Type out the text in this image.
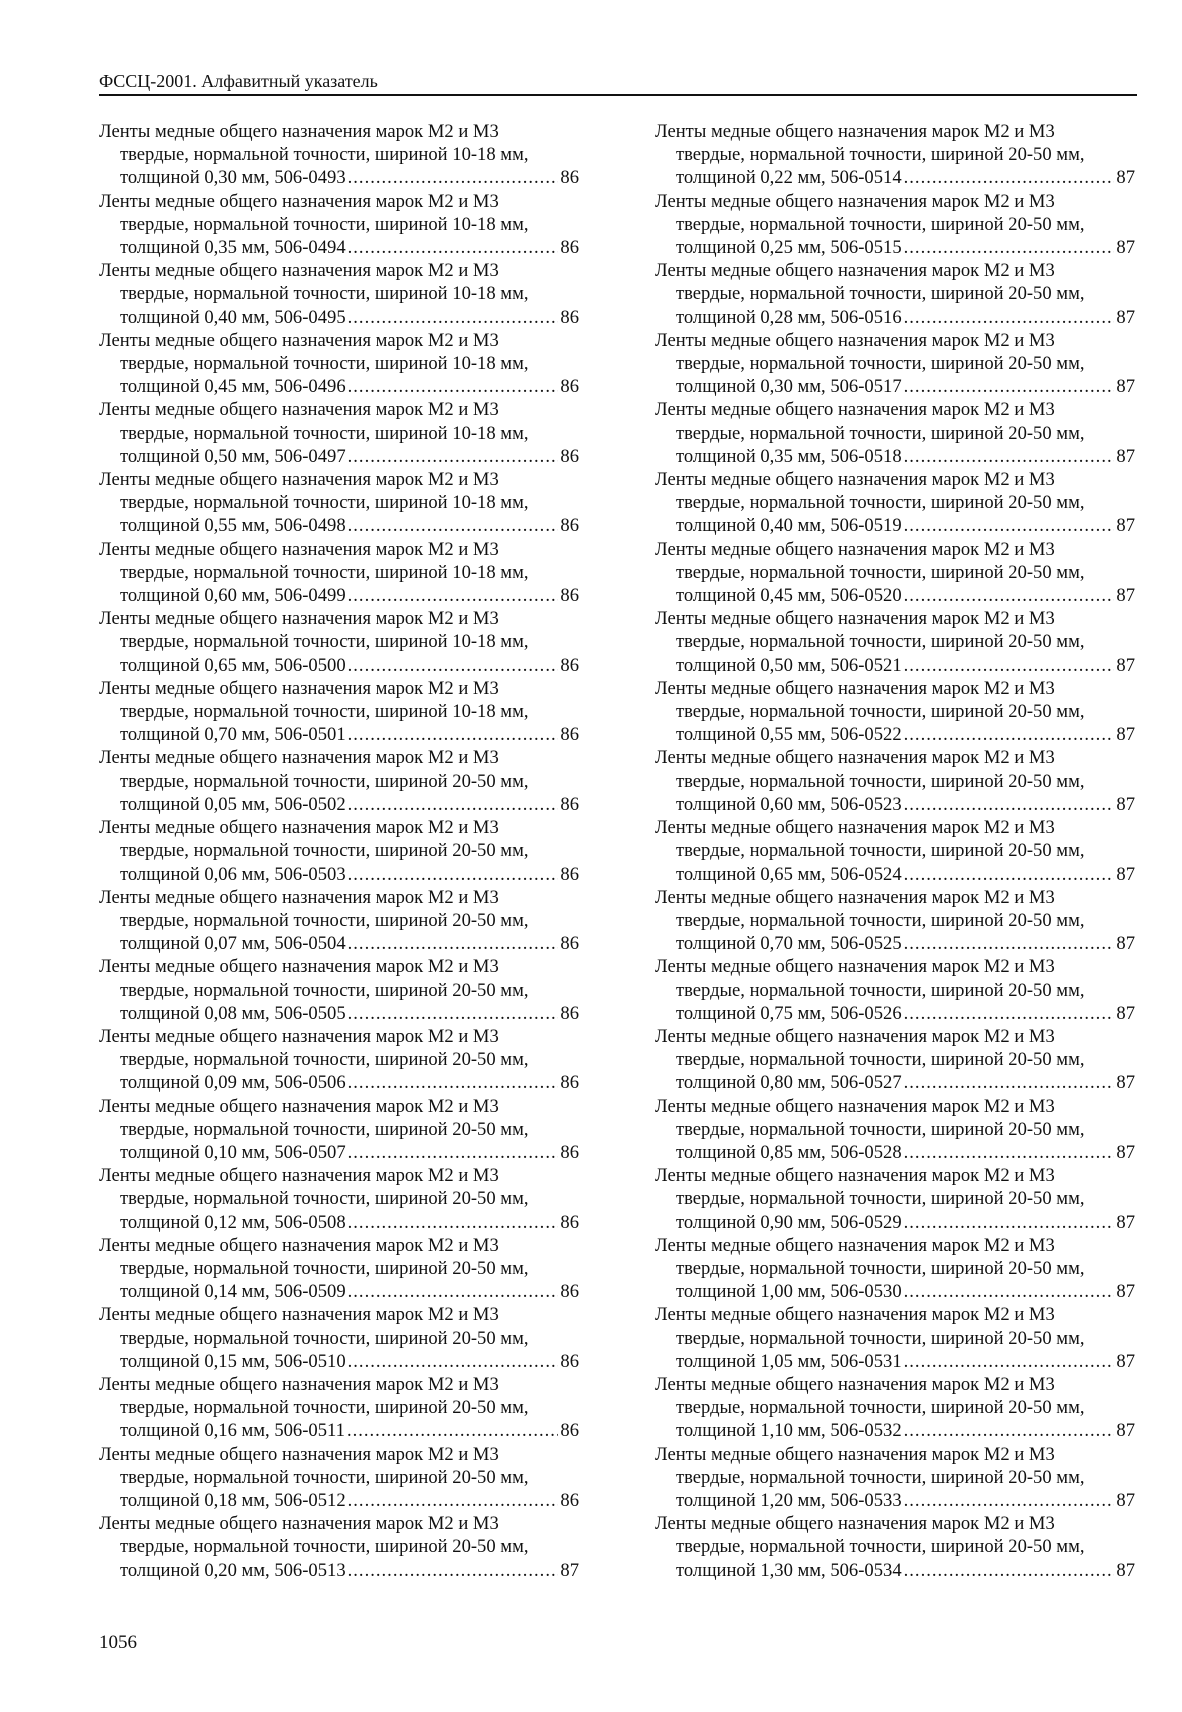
ФССЦ-2001. Алфавитный указатель

Ленты медные общего назначения марок М2 и М3
твердые, нормальной точности, шириной 10-18 мм,
толщиной 0,30 мм, 506-0493 .....	86

Ленты медные общего назначения марок М2 и М3
твердые, нормальной точности, шириной 10-18 мм,
толщиной 0,35 мм, 506-0494 .....	86

Ленты медные общего назначения марок М2 и М3
твердые, нормальной точности, шириной 10-18 мм,
толщиной 0,40 мм, 506-0495 .....	86

Ленты медные общего назначения марок М2 и М3
твердые, нормальной точности, шириной 10-18 мм,
толщиной 0,45 мм, 506-0496 .....	86

Ленты медные общего назначения марок М2 и М3
твердые, нормальной точности, шириной 10-18 мм,
толщиной 0,50 мм, 506-0497 .....	86

Ленты медные общего назначения марок М2 и М3
твердые, нормальной точности, шириной 10-18 мм,
толщиной 0,55 мм, 506-0498 .....	86

Ленты медные общего назначения марок М2 и М3
твердые, нормальной точности, шириной 10-18 мм,
толщиной 0,60 мм, 506-0499 .....	86

Ленты медные общего назначения марок М2 и М3
твердые, нормальной точности, шириной 10-18 мм,
толщиной 0,65 мм, 506-0500 .....	86

Ленты медные общего назначения марок М2 и М3
твердые, нормальной точности, шириной 10-18 мм,
толщиной 0,70 мм, 506-0501 .....	86

Ленты медные общего назначения марок М2 и М3
твердые, нормальной точности, шириной 20-50 мм,
толщиной 0,05 мм, 506-0502 .....	86

Ленты медные общего назначения марок М2 и М3
твердые, нормальной точности, шириной 20-50 мм,
толщиной 0,06 мм, 506-0503 .....	86

Ленты медные общего назначения марок М2 и М3
твердые, нормальной точности, шириной 20-50 мм,
толщиной 0,07 мм, 506-0504 .....	86

Ленты медные общего назначения марок М2 и М3
твердые, нормальной точности, шириной 20-50 мм,
толщиной 0,08 мм, 506-0505 .....	86

Ленты медные общего назначения марок М2 и М3
твердые, нормальной точности, шириной 20-50 мм,
толщиной 0,09 мм, 506-0506 .....	86

Ленты медные общего назначения марок М2 и М3
твердые, нормальной точности, шириной 20-50 мм,
толщиной 0,10 мм, 506-0507 .....	86

Ленты медные общего назначения марок М2 и М3
твердые, нормальной точности, шириной 20-50 мм,
толщиной 0,12 мм, 506-0508 .....	86

Ленты медные общего назначения марок М2 и М3
твердые, нормальной точности, шириной 20-50 мм,
толщиной 0,14 мм, 506-0509 .....	86

Ленты медные общего назначения марок М2 и М3
твердые, нормальной точности, шириной 20-50 мм,
толщиной 0,15 мм, 506-0510 .....	86

Ленты медные общего назначения марок М2 и М3
твердые, нормальной точности, шириной 20-50 мм,
толщиной 0,16 мм, 506-0511 .....	86

Ленты медные общего назначения марок М2 и М3
твердые, нормальной точности, шириной 20-50 мм,
толщиной 0,18 мм, 506-0512 .....	86

Ленты медные общего назначения марок М2 и М3
твердые, нормальной точности, шириной 20-50 мм,
толщиной 0,20 мм, 506-0513 .....	87

Ленты медные общего назначения марок М2 и М3
твердые, нормальной точности, шириной 20-50 мм,
толщиной 0,22 мм, 506-0514 .....	87

Ленты медные общего назначения марок М2 и М3
твердые, нормальной точности, шириной 20-50 мм,
толщиной 0,25 мм, 506-0515 .....	87

Ленты медные общего назначения марок М2 и М3
твердые, нормальной точности, шириной 20-50 мм,
толщиной 0,28 мм, 506-0516 .....	87

Ленты медные общего назначения марок М2 и М3
твердые, нормальной точности, шириной 20-50 мм,
толщиной 0,30 мм, 506-0517 .....	87

Ленты медные общего назначения марок М2 и М3
твердые, нормальной точности, шириной 20-50 мм,
толщиной 0,35 мм, 506-0518 .....	87

Ленты медные общего назначения марок М2 и М3
твердые, нормальной точности, шириной 20-50 мм,
толщиной 0,40 мм, 506-0519 .....	87

Ленты медные общего назначения марок М2 и М3
твердые, нормальной точности, шириной 20-50 мм,
толщиной 0,45 мм, 506-0520 .....	87

Ленты медные общего назначения марок М2 и М3
твердые, нормальной точности, шириной 20-50 мм,
толщиной 0,50 мм, 506-0521 .....	87

Ленты медные общего назначения марок М2 и М3
твердые, нормальной точности, шириной 20-50 мм,
толщиной 0,55 мм, 506-0522 .....	87

Ленты медные общего назначения марок М2 и М3
твердые, нормальной точности, шириной 20-50 мм,
толщиной 0,60 мм, 506-0523 .....	87

Ленты медные общего назначения марок М2 и М3
твердые, нормальной точности, шириной 20-50 мм,
толщиной 0,65 мм, 506-0524 .....	87

Ленты медные общего назначения марок М2 и М3
твердые, нормальной точности, шириной 20-50 мм,
толщиной 0,70 мм, 506-0525 .....	87

Ленты медные общего назначения марок М2 и М3
твердые, нормальной точности, шириной 20-50 мм,
толщиной 0,75 мм, 506-0526 .....	87

Ленты медные общего назначения марок М2 и М3
твердые, нормальной точности, шириной 20-50 мм,
толщиной 0,80 мм, 506-0527 .....	87

Ленты медные общего назначения марок М2 и М3
твердые, нормальной точности, шириной 20-50 мм,
толщиной 0,85 мм, 506-0528 .....	87

Ленты медные общего назначения марок М2 и М3
твердые, нормальной точности, шириной 20-50 мм,
толщиной 0,90 мм, 506-0529 .....	87

Ленты медные общего назначения марок М2 и М3
твердые, нормальной точности, шириной 20-50 мм,
толщиной 1,00 мм, 506-0530 .....	87

Ленты медные общего назначения марок М2 и М3
твердые, нормальной точности, шириной 20-50 мм,
толщиной 1,05 мм, 506-0531 .....	87

Ленты медные общего назначения марок М2 и М3
твердые, нормальной точности, шириной 20-50 мм,
толщиной 1,10 мм, 506-0532 .....	87

Ленты медные общего назначения марок М2 и М3
твердые, нормальной точности, шириной 20-50 мм,
толщиной 1,20 мм, 506-0533 .....	87

Ленты медные общего назначения марок М2 и М3
твердые, нормальной точности, шириной 20-50 мм,
толщиной 1,30 мм, 506-0534 .....	87

1056
